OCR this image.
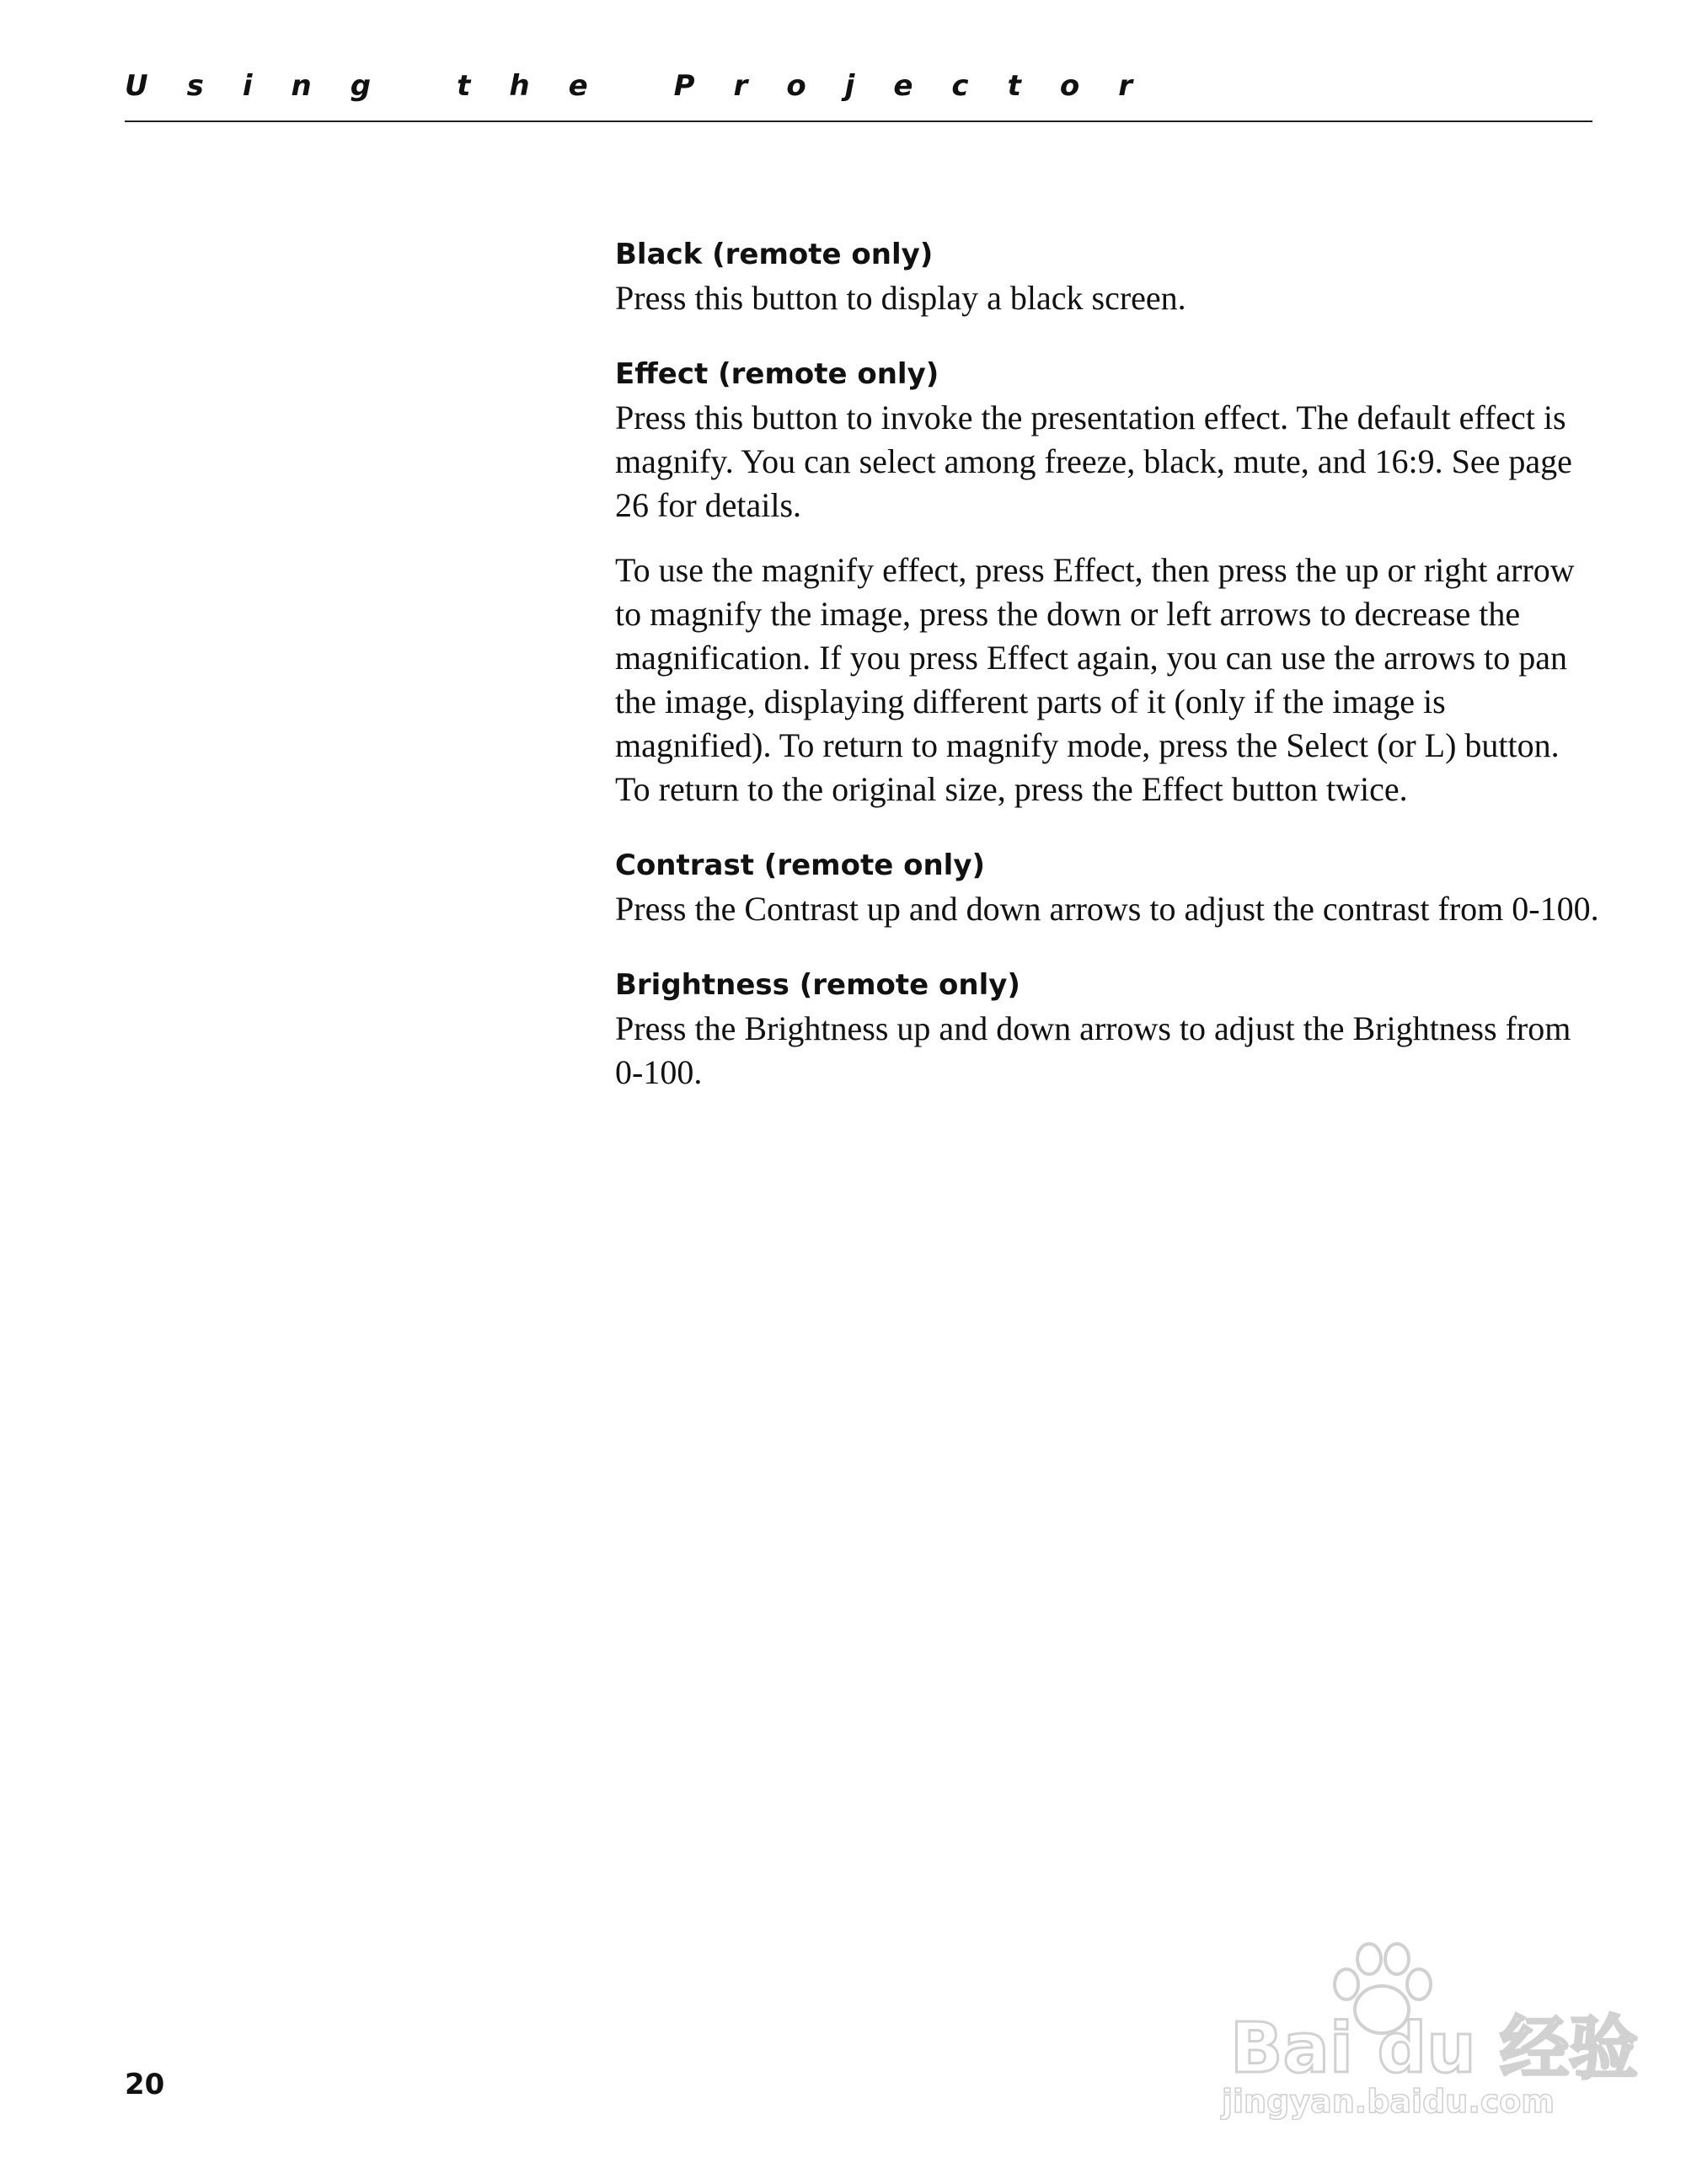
U s i n g	t h e	P r o j e c t o r
Black (remote only)

Press this button to display a black screen.

Effect (remote only)

Press this button to invoke the presentation effect. The default effect is magnify. You can select among freeze, black, mute, and 16:9. See page 26 for details.

To use the magnify effect, press Effect, then press the up or right arrow to magnify the image, press the down or left arrows to decrease the magnification. If you press Effect again, you can use the arrows to pan the image, displaying different parts of it (only if the image is magnified). To return to magnify mode, press the Select (or L) button. To return to the original size, press the Effect button twice.

Contrast (remote only)

Press the Contrast up and down arrows to adjust the contrast from 0-100.

Brightness (remote only)

Press the Brightness up and down arrows to adjust the Brightness from 0-100.

20	Bai du 经验
jingyan.baidu.com
